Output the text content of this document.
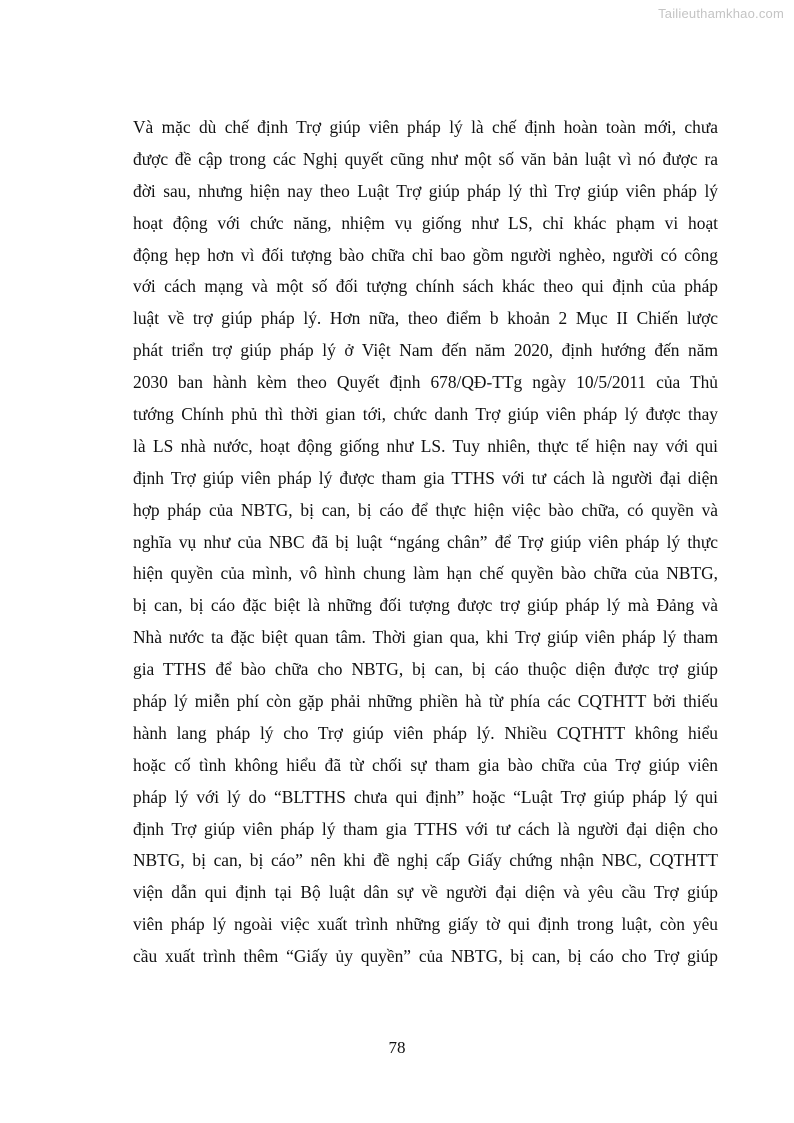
Tailieuthamkhao.com
Và mặc dù chế định Trợ giúp viên pháp lý là chế định hoàn toàn mới, chưa
được đề cập trong các Nghị quyết cũng như một số văn bản luật vì nó được ra
đời sau, nhưng hiện nay theo Luật Trợ giúp pháp lý thì Trợ giúp viên pháp lý
hoạt động với chức năng, nhiệm vụ giống như LS, chỉ khác phạm vi hoạt
động hẹp hơn vì đối tượng bào chữa chỉ bao gồm người nghèo, người có công
với cách mạng và một số đối tượng chính sách khác theo qui định của pháp
luật về trợ giúp pháp lý. Hơn nữa, theo điểm b khoản 2 Mục II Chiến lược
phát triển trợ giúp pháp lý ở Việt Nam đến năm 2020, định hướng đến năm
2030 ban hành kèm theo Quyết định 678/QĐ-TTg ngày 10/5/2011 của Thủ
tướng Chính phủ thì thời gian tới, chức danh Trợ giúp viên pháp lý được thay
là LS nhà nước, hoạt động giống như LS. Tuy nhiên, thực tế hiện nay với qui
định Trợ giúp viên pháp lý được tham gia TTHS với tư cách là người đại diện
hợp pháp của NBTG, bị can, bị cáo để thực hiện việc bào chữa, có quyền và
nghĩa vụ như của NBC đã bị luật “ngáng chân” để Trợ giúp viên pháp lý thực
hiện quyền của mình, vô hình chung làm hạn chế quyền bào chữa của NBTG,
bị can, bị cáo đặc biệt là những đối tượng được trợ giúp pháp lý mà Đảng và
Nhà nước ta đặc biệt quan tâm. Thời gian qua, khi Trợ giúp viên pháp lý tham
gia TTHS để bào chữa cho NBTG, bị can, bị cáo thuộc diện được trợ giúp
pháp lý miễn phí còn gặp phải những phiền hà từ phía các CQTHTT bởi thiếu
hành lang pháp lý cho Trợ giúp viên pháp lý. Nhiều CQTHTT không hiểu
hoặc cố tình không hiểu đã từ chối sự tham gia bào chữa của Trợ giúp viên
pháp lý với lý do “BLTTHS chưa qui định” hoặc “Luật Trợ giúp pháp lý qui
định Trợ giúp viên pháp lý tham gia TTHS với tư cách là người đại diện cho
NBTG, bị can, bị cáo” nên khi đề nghị cấp Giấy chứng nhận NBC, CQTHTT
viện dẫn qui định tại Bộ luật dân sự về người đại diện và yêu cầu Trợ giúp
viên pháp lý ngoài việc xuất trình những giấy tờ qui định trong luật, còn yêu
cầu xuất trình thêm “Giấy ủy quyền” của NBTG, bị can, bị cáo cho Trợ giúp
78
